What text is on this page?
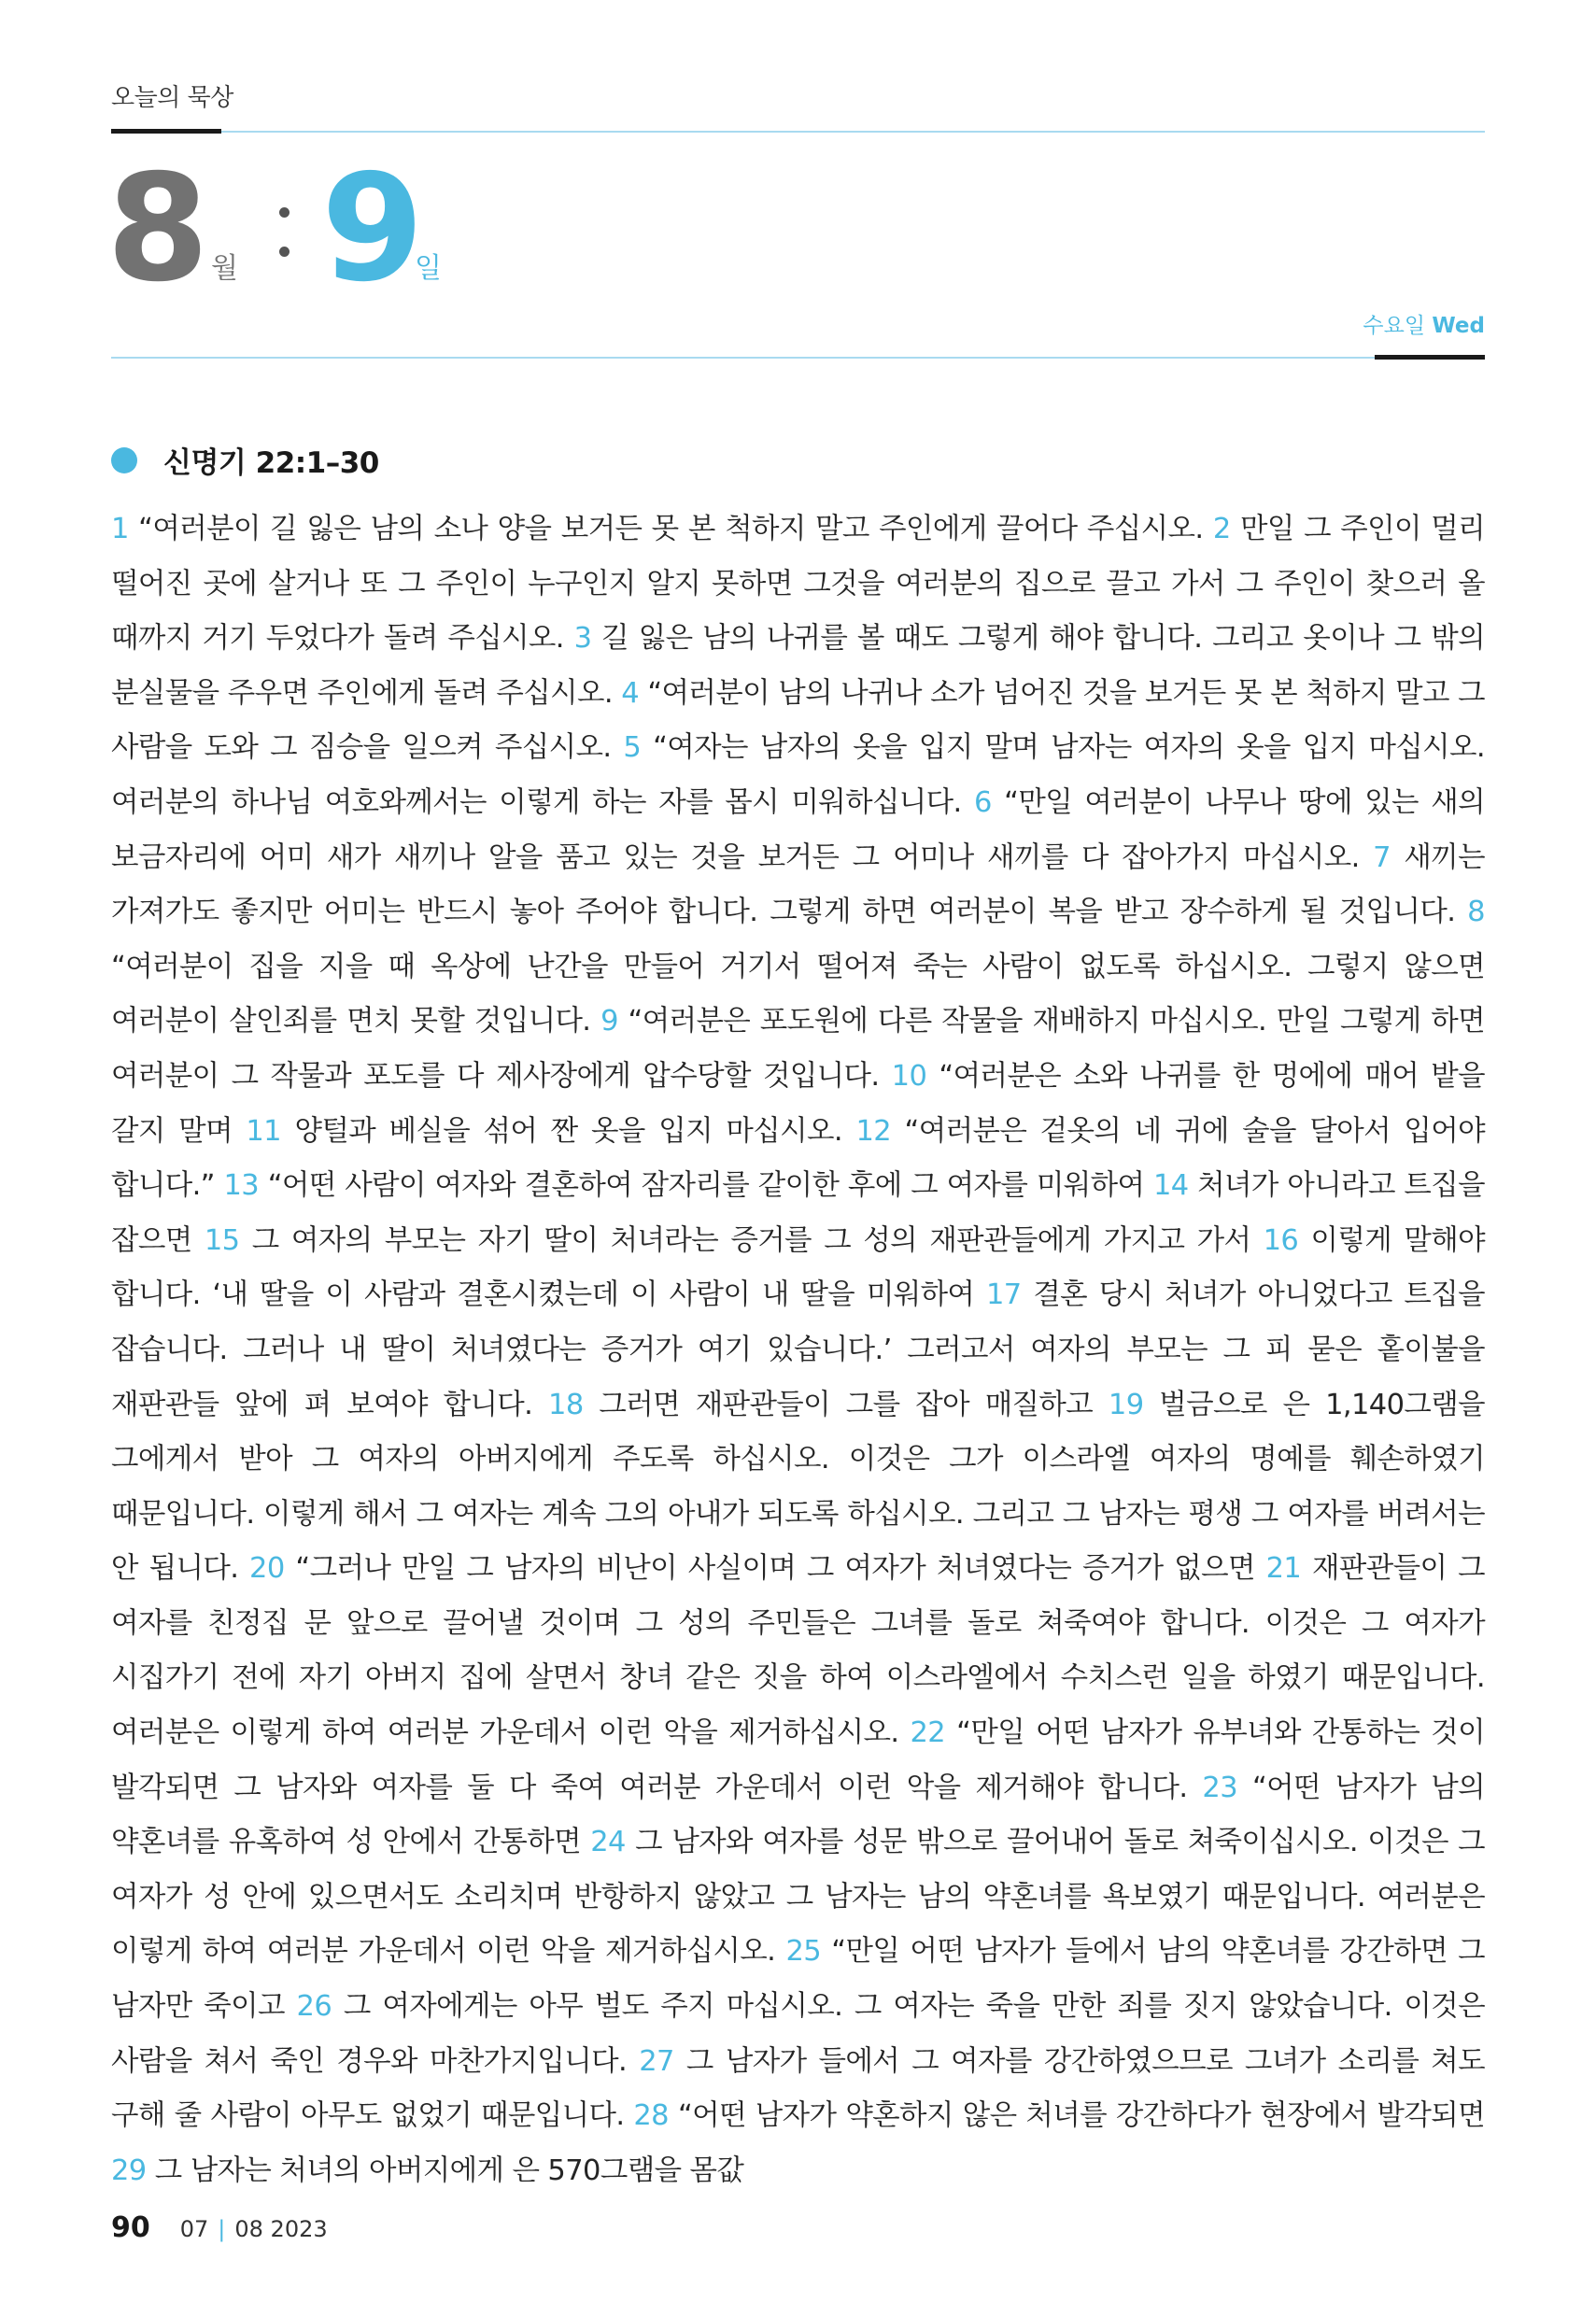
오늘의 묵상
8 월 9
일
수요일 Wed
신명기 22:1–30
1 “여러분이 길 잃은 남의 소나 양을 보거든 못 본 척하지 말고 주인에게 끌어다 주십시오. 2 만일 그 주인이 멀리 떨어진 곳에 살거나 또 그 주인이 누구인지 알지 못하면 그것을 여러분의 집으로 끌고 가서 그 주인이 찾으러 올 때까지 거기 두었다가 돌려 주십시오. 3 길 잃은 남의 나귀를 볼 때도 그렇게 해야 합니다. 그리고 옷이나 그 밖의 분실물을 주우면 주인에게 돌려 주십시오. 4 “여러분이 남의 나귀나 소가 넘어진 것을 보거든 못 본 척하지 말고 그 사람을 도와 그 짐승을 일으켜 주십시오. 5 “여자는 남자의 옷을 입지 말며 남자는 여자의 옷을 입지 마십시오. 여러분의 하나님 여호와께서는 이렇게 하는 자를 몹시 미워하십니다. 6 “만일 여러분이 나무나 땅에 있는 새의 보금자리에 어미 새가 새끼나 알을 품고 있는 것을 보거든 그 어미나 새끼를 다 잡아가지 마십시오. 7 새끼는 가져가도 좋지만 어미는 반드시 놓아 주어야 합니다. 그렇게 하면 여러분이 복을 받고 장수하게 될 것입니다. 8 “여러분이 집을 지을 때 옥상에 난간을 만들어 거기서 떨어져 죽는 사람이 없도록 하십시오. 그렇지 않으면 여러분이 살인죄를 면치 못할 것입니다. 9 “여러분은 포도원에 다른 작물을 재배하지 마십시오. 만일 그렇게 하면 여러분이 그 작물과 포도를 다 제사장에게 압수당할 것입니다. 10 “여러분은 소와 나귀를 한 멍에에 매어 밭을 갈지 말며 11 양털과 베실을 섞어 짠 옷을 입지 마십시오. 12 “여러분은 겉옷의 네 귀에 술을 달아서 입어야 합니다.” 13 “어떤 사람이 여자와 결혼하여 잠자리를 같이한 후에 그 여자를 미워하여 14 처녀가 아니라고 트집을 잡으면 15 그 여자의 부모는 자기 딸이 처녀라는 증거를 그 성의 재판관들에게 가지고 가서 16 이렇게 말해야 합니다. ‘내 딸을 이 사람과 결혼시켰는데 이 사람이 내 딸을 미워하여 17 결혼 당시 처녀가 아니었다고 트집을 잡습니다. 그러나 내 딸이 처녀였다는 증거가 여기 있습니다.’ 그러고서 여자의 부모는 그 피 묻은 홑이불을 재판관들 앞에 펴 보여야 합니다. 18 그러면 재판관들이 그를 잡아 매질하고 19 벌금으로 은 1,140그램을 그에게서 받아 그 여자의 아버지에게 주도록 하십시오. 이것은 그가 이스라엘 여자의 명예를 훼손하였기 때문입니다. 이렇게 해서 그 여자는 계속 그의 아내가 되도록 하십시오. 그리고 그 남자는 평생 그 여자를 버려서는 안 됩니다. 20 “그러나 만일 그 남자의 비난이 사실이며 그 여자가 처녀였다는 증거가 없으면 21 재판관들이 그 여자를 친정집 문 앞으로 끌어낼 것이며 그 성의 주민들은 그녀를 돌로 쳐죽여야 합니다. 이것은 그 여자가 시집가기 전에 자기 아버지 집에 살면서 창녀 같은 짓을 하여 이스라엘에서 수치스런 일을 하였기 때문입니다. 여러분은 이렇게 하여 여러분 가운데서 이런 악을 제거하십시오. 22 “만일 어떤 남자가 유부녀와 간통하는 것이 발각되면 그 남자와 여자를 둘 다 죽여 여러분 가운데서 이런 악을 제거해야 합니다. 23 “어떤 남자가 남의 약혼녀를 유혹하여 성 안에서 간통하면 24 그 남자와 여자를 성문 밖으로 끌어내어 돌로 쳐죽이십시오. 이것은 그 여자가 성 안에 있으면서도 소리치며 반항하지 않았고 그 남자는 남의 약혼녀를 욕보였기 때문입니다. 여러분은 이렇게 하여 여러분 가운데서 이런 악을 제거하십시오. 25 “만일 어떤 남자가 들에서 남의 약혼녀를 강간하면 그 남자만 죽이고 26 그 여자에게는 아무 벌도 주지 마십시오. 그 여자는 죽을 만한 죄를 짓지 않았습니다. 이것은 사람을 쳐서 죽인 경우와 마찬가지입니다. 27 그 남자가 들에서 그 여자를 강간하였으므로 그녀가 소리를 쳐도 구해 줄 사람이 아무도 없었기 때문입니다. 28 “어떤 남자가 약혼하지 않은 처녀를 강간하다가 현장에서 발각되면 29 그 남자는 처녀의 아버지에게 은 570그램을 몸값
90 07 | 08 2023
